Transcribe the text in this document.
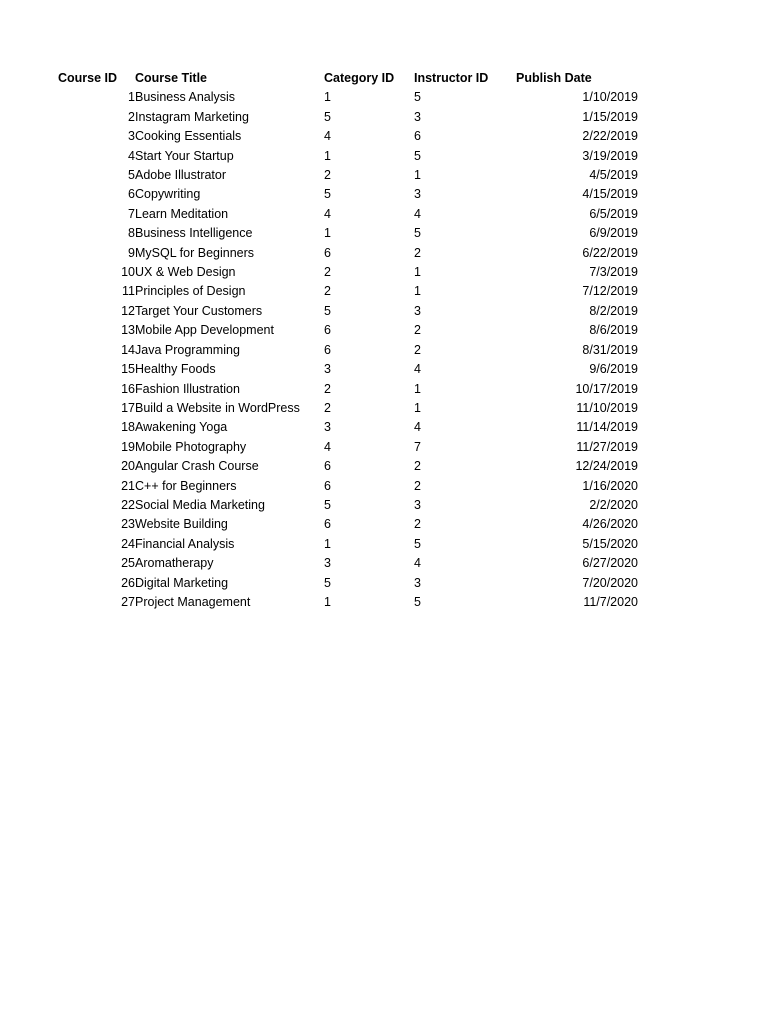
Course ID	Course Title	Category ID	Instructor ID	Publish Date
1	Business Analysis	1	5	1/10/2019
2	Instagram Marketing	5	3	1/15/2019
3	Cooking Essentials	4	6	2/22/2019
4	Start Your Startup	1	5	3/19/2019
5	Adobe Illustrator	2	1	4/5/2019
6	Copywriting	5	3	4/15/2019
7	Learn Meditation	4	4	6/5/2019
8	Business Intelligence	1	5	6/9/2019
9	MySQL for Beginners	6	2	6/22/2019
10	UX & Web Design	2	1	7/3/2019
11	Principles of Design	2	1	7/12/2019
12	Target Your Customers	5	3	8/2/2019
13	Mobile App Development	6	2	8/6/2019
14	Java Programming	6	2	8/31/2019
15	Healthy Foods	3	4	9/6/2019
16	Fashion Illustration	2	1	10/17/2019
17	Build a Website in WordPress	2	1	11/10/2019
18	Awakening Yoga	3	4	11/14/2019
19	Mobile Photography	4	7	11/27/2019
20	Angular Crash Course	6	2	12/24/2019
21	C++ for Beginners	6	2	1/16/2020
22	Social Media Marketing	5	3	2/2/2020
23	Website Building	6	2	4/26/2020
24	Financial Analysis	1	5	5/15/2020
25	Aromatherapy	3	4	6/27/2020
26	Digital Marketing	5	3	7/20/2020
27	Project Management	1	5	11/7/2020
